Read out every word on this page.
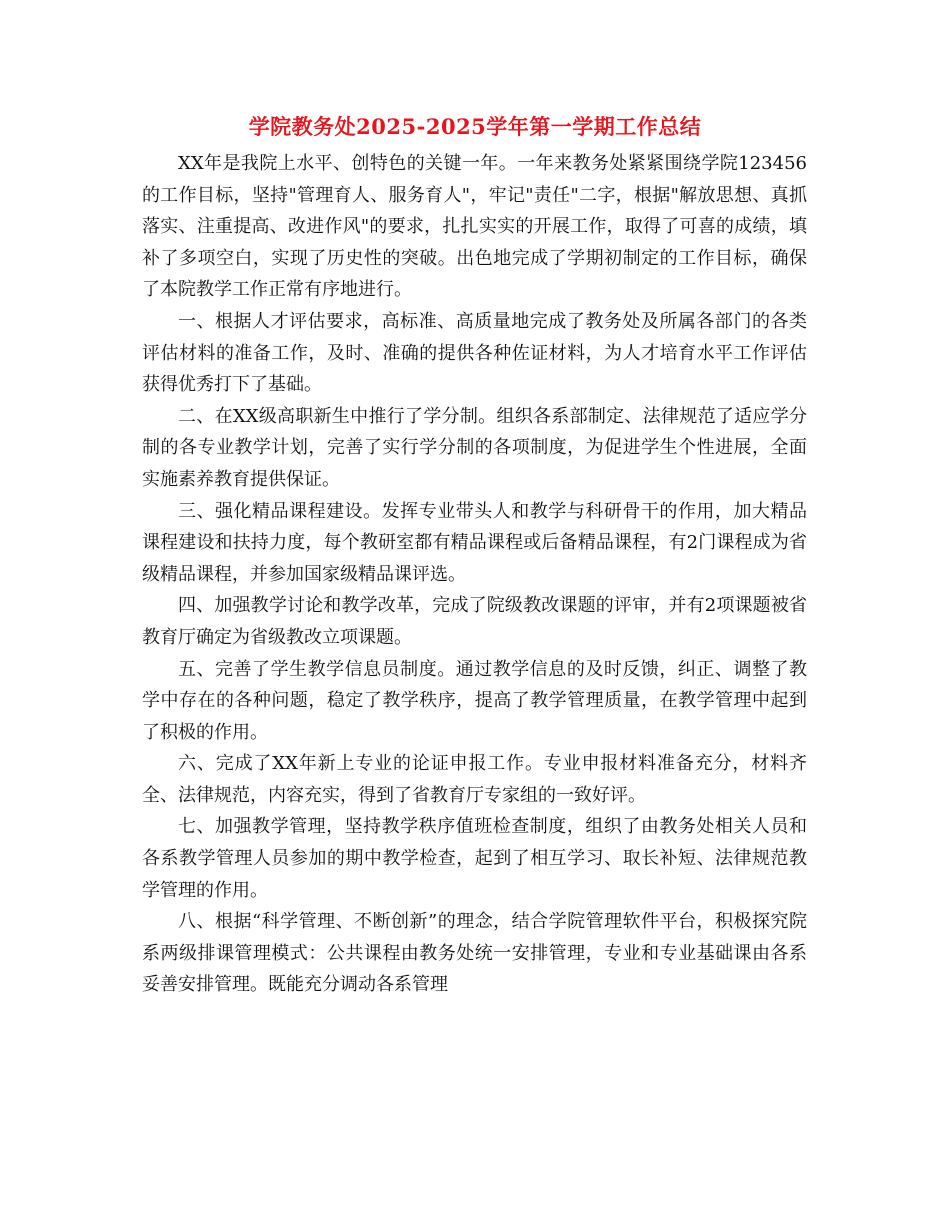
学院教务处2025-2025学年第一学期工作总结

XX年是我院上水平、创特色的关键一年。一年来教务处紧紧围绕学院123456的工作目标，坚持"管理育人、服务育人"，牢记"责任"二字，根据"解放思想、真抓落实、注重提高、改进作风"的要求，扎扎实实的开展工作，取得了可喜的成绩，填补了多项空白，实现了历史性的突破。出色地完成了学期初制定的工作目标，确保了本院教学工作正常有序地进行。

一、根据人才评估要求，高标准、高质量地完成了教务处及所属各部门的各类评估材料的准备工作，及时、准确的提供各种佐证材料，为人才培育水平工作评估获得优秀打下了基础。

二、在XX级高职新生中推行了学分制。组织各系部制定、法律规范了适应学分制的各专业教学计划，完善了实行学分制的各项制度，为促进学生个性进展，全面实施素养教育提供保证。

三、强化精品课程建设。发挥专业带头人和教学与科研骨干的作用，加大精品课程建设和扶持力度，每个教研室都有精品课程或后备精品课程，有2门课程成为省级精品课程，并参加国家级精品课评选。

四、加强教学讨论和教学改革，完成了院级教改课题的评审，并有2项课题被省教育厅确定为省级教改立项课题。

五、完善了学生教学信息员制度。通过教学信息的及时反馈，纠正、调整了教学中存在的各种问题，稳定了教学秩序，提高了教学管理质量，在教学管理中起到了积极的作用。

六、完成了XX年新上专业的论证申报工作。专业申报材料准备充分，材料齐全、法律规范，内容充实，得到了省教育厅专家组的一致好评。

七、加强教学管理，坚持教学秩序值班检查制度，组织了由教务处相关人员和各系教学管理人员参加的期中教学检查，起到了相互学习、取长补短、法律规范教学管理的作用。

八、根据“科学管理、不断创新”的理念，结合学院管理软件平台，积极探究院系两级排课管理模式：公共课程由教务处统一安排管理，专业和专业基础课由各系妥善安排管理。既能充分调动各系管理
